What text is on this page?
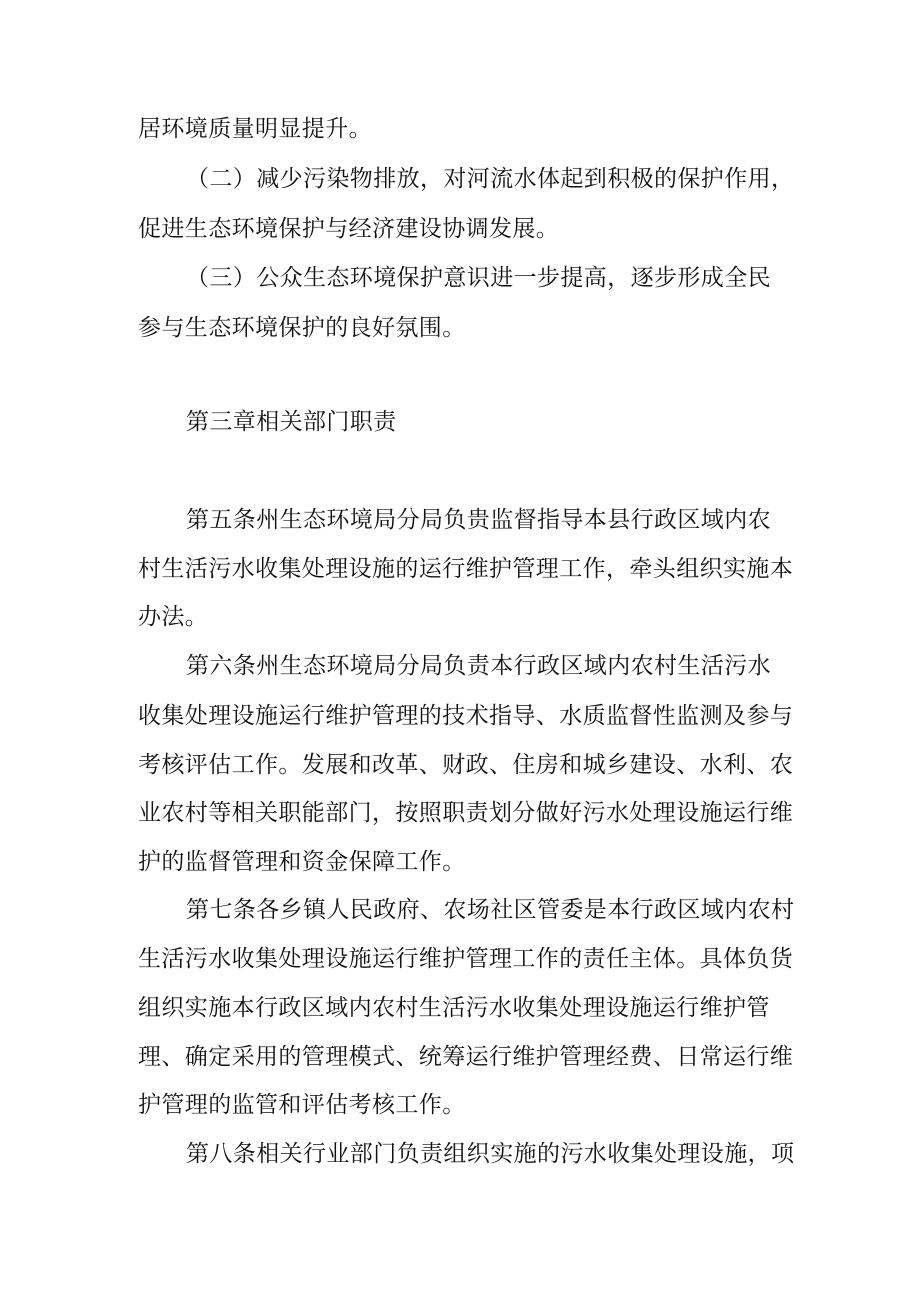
居环境质量明显提升。
（二）减少污染物排放，对河流水体起到积极的保护作用，
促进生态环境保护与经济建设协调发展。
（三）公众生态环境保护意识进一步提高，逐步形成全民
参与生态环境保护的良好氛围。
第三章相关部门职责
第五条州生态环境局分局负贵监督指导本县行政区域内农
村生活污水收集处理设施的运行维护管理工作，牵头组织实施本
办法。
第六条州生态环境局分局负责本行政区域内农村生活污水
收集处理设施运行维护管理的技术指导、水质监督性监测及参与
考核评估工作。发展和改革、财政、住房和城乡建设、水利、农
业农村等相关职能部门，按照职责划分做好污水处理设施运行维
护的监督管理和资金保障工作。
第七条各乡镇人民政府、农场社区管委是本行政区域内农村
生活污水收集处理设施运行维护管理工作的责任主体。具体负货
组织实施本行政区域内农村生活污水收集处理设施运行维护管
理、确定采用的管理模式、统筹运行维护管理经费、日常运行维
护管理的监管和评估考核工作。
第八条相关行业部门负责组织实施的污水收集处理设施，项
